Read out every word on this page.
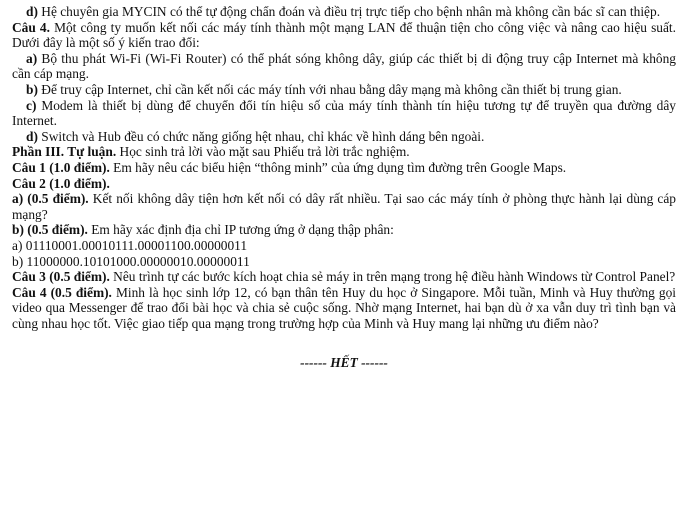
d) Hệ chuyên gia MYCIN có thể tự động chẩn đoán và điều trị trực tiếp cho bệnh nhân mà không cần bác sĩ can thiệp.

Câu 4. Một công ty muốn kết nối các máy tính thành một mạng LAN để thuận tiện cho công việc và nâng cao hiệu suất. Dưới đây là một số ý kiến trao đổi:

a) Bộ thu phát Wi-Fi (Wi-Fi Router) có thể phát sóng không dây, giúp các thiết bị di động truy cập Internet mà không cần cáp mạng.

b) Để truy cập Internet, chỉ cần kết nối các máy tính với nhau bằng dây mạng mà không cần thiết bị trung gian.

c) Modem là thiết bị dùng để chuyển đổi tín hiệu số của máy tính thành tín hiệu tương tự để truyền qua đường dây Internet.

d) Switch và Hub đều có chức năng giống hệt nhau, chỉ khác về hình dáng bên ngoài.

Phần III. Tự luận. Học sinh trả lời vào mặt sau Phiếu trả lời trắc nghiệm.

Câu 1 (1.0 điểm). Em hãy nêu các biểu hiện “thông minh” của ứng dụng tìm đường trên Google Maps.

Câu 2 (1.0 điểm).

a) (0.5 điểm). Kết nối không dây tiện hơn kết nối có dây rất nhiều. Tại sao các máy tính ở phòng thực hành lại dùng cáp mạng?

b) (0.5 điểm). Em hãy xác định địa chỉ IP tương ứng ở dạng thập phân:

a) 01110001.00010111.00001100.00000011

b) 11000000.10101000.00000010.00000011

Câu 3 (0.5 điểm). Nêu trình tự các bước kích hoạt chia sẻ máy in trên mạng trong hệ điều hành Windows từ Control Panel?

Câu 4 (0.5 điểm). Minh là học sinh lớp 12, có bạn thân tên Huy du học ở Singapore. Mỗi tuần, Minh và Huy thường gọi video qua Messenger để trao đổi bài học và chia sẻ cuộc sống. Nhờ mạng Internet, hai bạn dù ở xa vẫn duy trì tình bạn và cùng nhau học tốt. Việc giao tiếp qua mạng trong trường hợp của Minh và Huy mang lại những ưu điểm nào?

------ HẾT ------
